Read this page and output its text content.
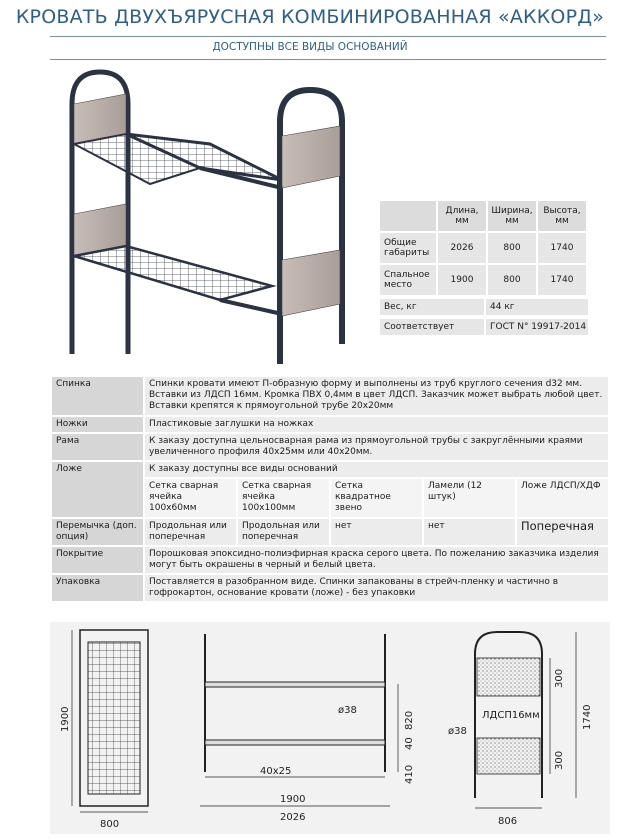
КРОВАТЬ ДВУХЪЯРУСНАЯ КОМБИНИРОВАННАЯ «АККОРД»
ДОСТУПНЫ ВСЕ ВИДЫ ОСНОВАНИЙ
	Длина, мм	Ширина, мм	Высота, мм
Общие габариты	2026	800	1740
Спальное место	1900	800	1740
Вес, кг	44 кг
Соответствует	ГОСТ N° 19917-2014
Спинка	Спинки кровати имеют П-образную форму и выполнены из труб круглого сечения d32 мм. Вставки из ЛДСП 16мм. Кромка ПВХ 0,4мм в цвет ЛДСП. Заказчик может выбрать любой цвет. Вставки крепятся к прямоугольной трубе 20х20мм				
Ножки	Пластиковые заглушки на ножках				
Рама	К заказу доступна цельносварная рама из прямоугольной трубы с закруглёнными краями увеличенного профиля 40х25мм или 40х20мм.				
Ложе	К заказу доступны все виды оснований				
	Сетка сварная ячейка 100х60мм	Сетка сварная ячейка 100х100мм	Сетка квадратное звено	Ламели (12 штук)	Ложе ЛДСП/ХДФ
Перемычка (доп. опция)	Продольная или поперечная	Продольная или поперечная	нет	нет	Поперечная
Покрытие	Порошковая эпоксидно-полиэфирная краска серого цвета. По пожеланию заказчика изделия могут быть окрашены в черный и белый цвета.				
Упаковка	Поставляется в разобранном виде. Спинки запакованы в стрейч-пленку и частично в гофрокартон, основание кровати (ложе) - без упаковки				
1900
800
40x25
1900
2026
ø38
820
40
410
ø38
ЛДСП16мм
300
300
1740
806
